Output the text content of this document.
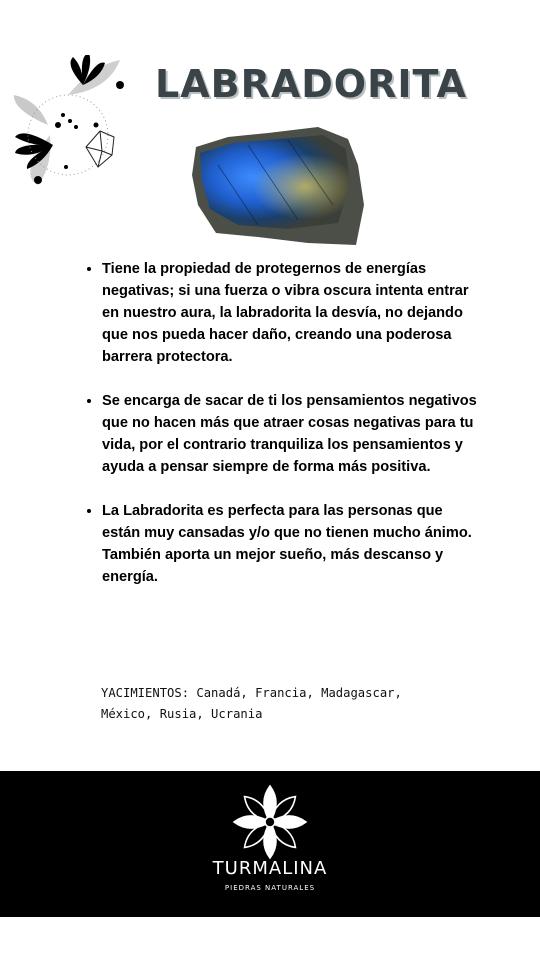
LABRADORITA
• Tiene la propiedad de protegernos de energías negativas; si una fuerza o vibra oscura intenta entrar en nuestro aura, la labradorita la desvía, no dejando que nos pueda hacer daño, creando una poderosa barrera protectora.
• Se encarga de sacar de ti los pensamientos negativos que no hacen más que atraer cosas negativas para tu vida, por el contrario tranquiliza los pensamientos y ayuda a pensar siempre de forma más positiva.
• La Labradorita es perfecta para las personas que están muy cansadas y/o que no tienen mucho ánimo. También aporta un mejor sueño, más descanso y energía.
YACIMIENTOS: Canadá, Francia, Madagascar, México, Rusia, Ucrania
TURMALINA
PIEDRAS NATURALES
